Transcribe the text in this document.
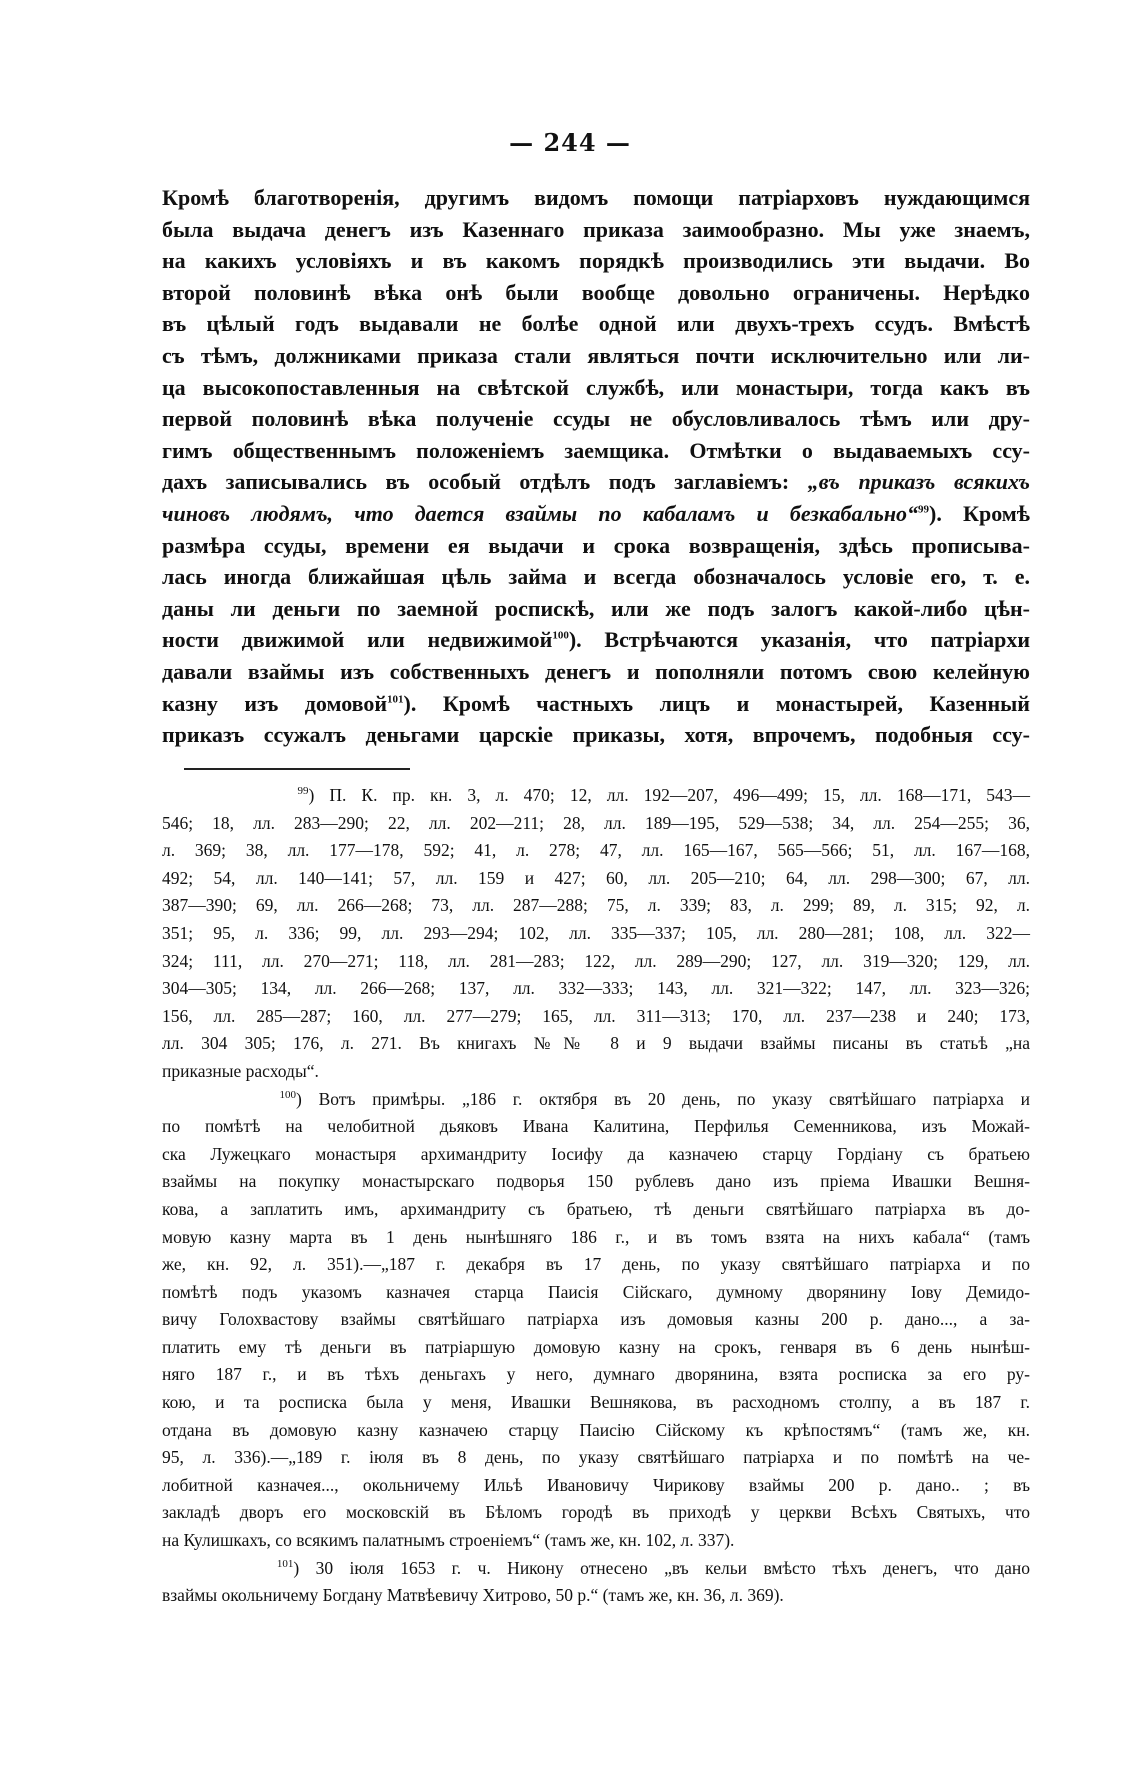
— 244 —
Кромѣ благотворенія, другимъ видомъ помощи патріарховъ нуждающимся
была выдача денегъ изъ Казеннаго приказа заимообразно. Мы уже знаемъ,
на какихъ условіяхъ и въ какомъ порядкѣ производились эти выдачи. Во
второй половинѣ вѣка онѣ были вообще довольно ограничены. Нерѣдко
въ цѣлый годъ выдавали не болѣе одной или двухъ-трехъ ссудъ. Вмѣстѣ
съ тѣмъ, должниками приказа стали являться почти исключительно или ли-
ца высокопоставленныя на свѣтской службѣ, или монастыри, тогда какъ въ
первой половинѣ вѣка полученіе ссуды не обусловливалось тѣмъ или дру-
гимъ общественнымъ положеніемъ заемщика. Отмѣтки о выдаваемыхъ ссу-
дахъ записывались въ особый отдѣлъ подъ заглавіемъ: „въ приказъ всякихъ
чиновъ людямъ, что дается взаймы по кабаламъ и безкабально“$^{99}$). Кромѣ
размѣра ссуды, времени ея выдачи и срока возвращенія, здѣсь прописыва-
лась иногда ближайшая цѣль займа и всегда обозначалось условіе его, т. е.
даны ли деньги по заемной роспискѣ, или же подъ залогъ какой-либо цѣн-
ности движимой или недвижимой$^{100}$). Встрѣчаются указанія, что патріархи
давали взаймы изъ собственныхъ денегъ и пополняли потомъ свою келейную
казну изъ домовой$^{101}$). Кромѣ частныхъ лицъ и монастырей, Казенный
приказъ ссужалъ деньгами царскіе приказы, хотя, впрочемъ, подобныя ссу-
$^{99}$) П. К. пр. кн. 3, л. 470; 12, лл. 192—207, 496—499; 15, лл. 168—171, 543—
546; 18, лл. 283—290; 22, лл. 202—211; 28, лл. 189—195, 529—538; 34, лл. 254—255; 36,
л. 369; 38, лл. 177—178, 592; 41, л. 278; 47, лл. 165—167, 565—566; 51, лл. 167—168,
492; 54, лл. 140—141; 57, лл. 159 и 427; 60, лл. 205—210; 64, лл. 298—300; 67, лл.
387—390; 69, лл. 266—268; 73, лл. 287—288; 75, л. 339; 83, л. 299; 89, л. 315; 92, л.
351; 95, л. 336; 99, лл. 293—294; 102, лл. 335—337; 105, лл. 280—281; 108, лл. 322—
324; 111, лл. 270—271; 118, лл. 281—283; 122, лл. 289—290; 127, лл. 319—320; 129, лл.
304—305; 134, лл. 266—268; 137, лл. 332—333; 143, лл. 321—322; 147, лл. 323—326;
156, лл. 285—287; 160, лл. 277—279; 165, лл. 311—313; 170, лл. 237—238 и 240; 173,
лл. 304 305; 176, л. 271. Въ книгахъ №№ 8 и 9 выдачи взаймы писаны въ статьѣ „на
приказные расходы“.
$^{100}$) Вотъ примѣры. „186 г. октября въ 20 день, по указу святѣйшаго патріарха и
по помѣтѣ на челобитной дьяковъ Ивана Калитина, Перфилья Семенникова, изъ Можай-
ска Лужецкаго монастыря архимандриту Іосифу да казначею старцу Гордіану съ братьею
взаймы на покупку монастырскаго подворья 150 рублевъ дано изъ пріема Ивашки Вешня-
кова, а заплатить имъ, архимандриту съ братьею, тѣ деньги святѣйшаго патріарха въ до-
мовую казну марта въ 1 день нынѣшняго 186 г., и въ томъ взята на нихъ кабала“ (тамъ
же, кн. 92, л. 351).—„187 г. декабря въ 17 день, по указу святѣйшаго патріарха и по
помѣтѣ подъ указомъ казначея старца Паисія Сійскаго, думному дворянину Іову Демидо-
вичу Голохвастову взаймы святѣйшаго патріарха изъ домовыя казны 200 р. дано..., а за-
платить ему тѣ деньги въ патріаршую домовую казну на срокъ, генваря въ 6 день нынѣш-
няго 187 г., и въ тѣхъ деньгахъ у него, думнаго дворянина, взята росписка за его ру-
кою, и та росписка была у меня, Ивашки Вешнякова, въ расходномъ столпу, а въ 187 г.
отдана въ домовую казну казначею старцу Паисію Сійскому къ крѣпостямъ“ (тамъ же, кн.
95, л. 336).—„189 г. іюля въ 8 день, по указу святѣйшаго патріарха и по помѣтѣ на че-
лобитной казначея..., окольничему Ильѣ Ивановичу Чирикову взаймы 200 р. дано.. ; въ
закладѣ дворъ его московскій въ Бѣломъ городѣ въ приходѣ у церкви Всѣхъ Святыхъ, что
на Кулишкахъ, со всякимъ палатнымъ строеніемъ“ (тамъ же, кн. 102, л. 337).
$^{101}$) 30 іюля 1653 г. ч. Никону отнесено „въ кельи вмѣсто тѣхъ денегъ, что дано
взаймы окольничему Богдану Матвѣевичу Хитрово, 50 р.“ (тамъ же, кн. 36, л. 369).
